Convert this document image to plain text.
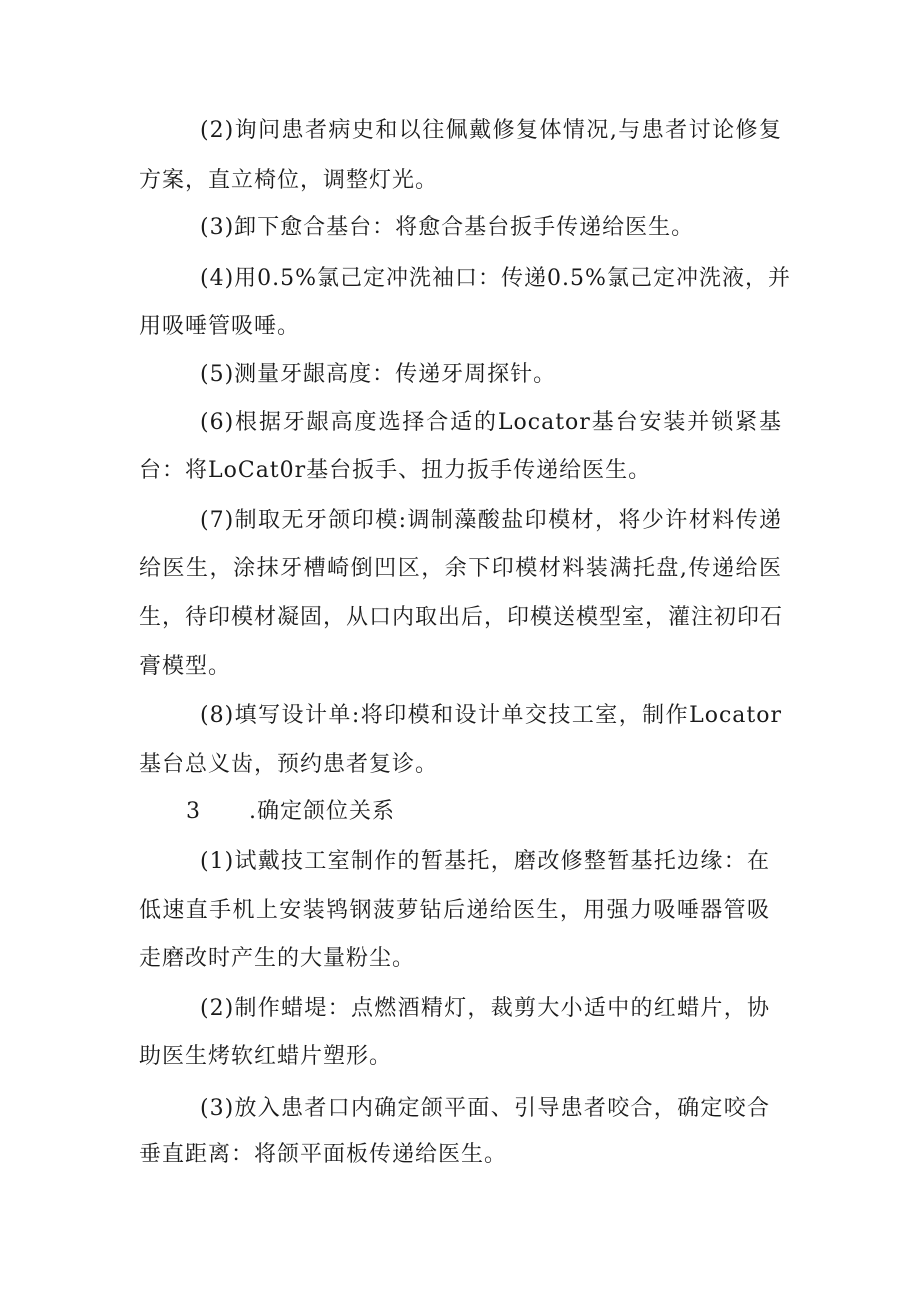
(2)询问患者病史和以往佩戴修复体情况,与患者讨论修复

方案，直立椅位，调整灯光。

(3)卸下愈合基台：将愈合基台扳手传递给医生。

(4)用0.5%氯己定冲洗袖口：传递0.5%氯己定冲洗液，并

用吸唾管吸唾。

(5)测量牙龈高度：传递牙周探针。

(6)根据牙龈高度选择合适的Locator基台安装并锁紧基

台：将LoCat0r基台扳手、扭力扳手传递给医生。

(7)制取无牙颌印模:调制藻酸盐印模材，将少许材料传递

给医生，涂抹牙槽崎倒凹区，余下印模材料装满托盘,传递给医

生，待印模材凝固，从口内取出后，印模送模型室，灌注初印石

膏模型。

(8)填写设计单:将印模和设计单交技工室，制作Locator

基台总义齿，预约患者复诊。

3      .确定颌位关系

(1)试戴技工室制作的暂基托，磨改修整暂基托边缘：在

低速直手机上安装鸨钢菠萝钻后递给医生，用强力吸唾器管吸

走磨改时产生的大量粉尘。

(2)制作蜡堤：点燃酒精灯，裁剪大小适中的红蜡片，协

助医生烤软红蜡片塑形。

(3)放入患者口内确定颌平面、引导患者咬合，确定咬合

垂直距离：将颌平面板传递给医生。
